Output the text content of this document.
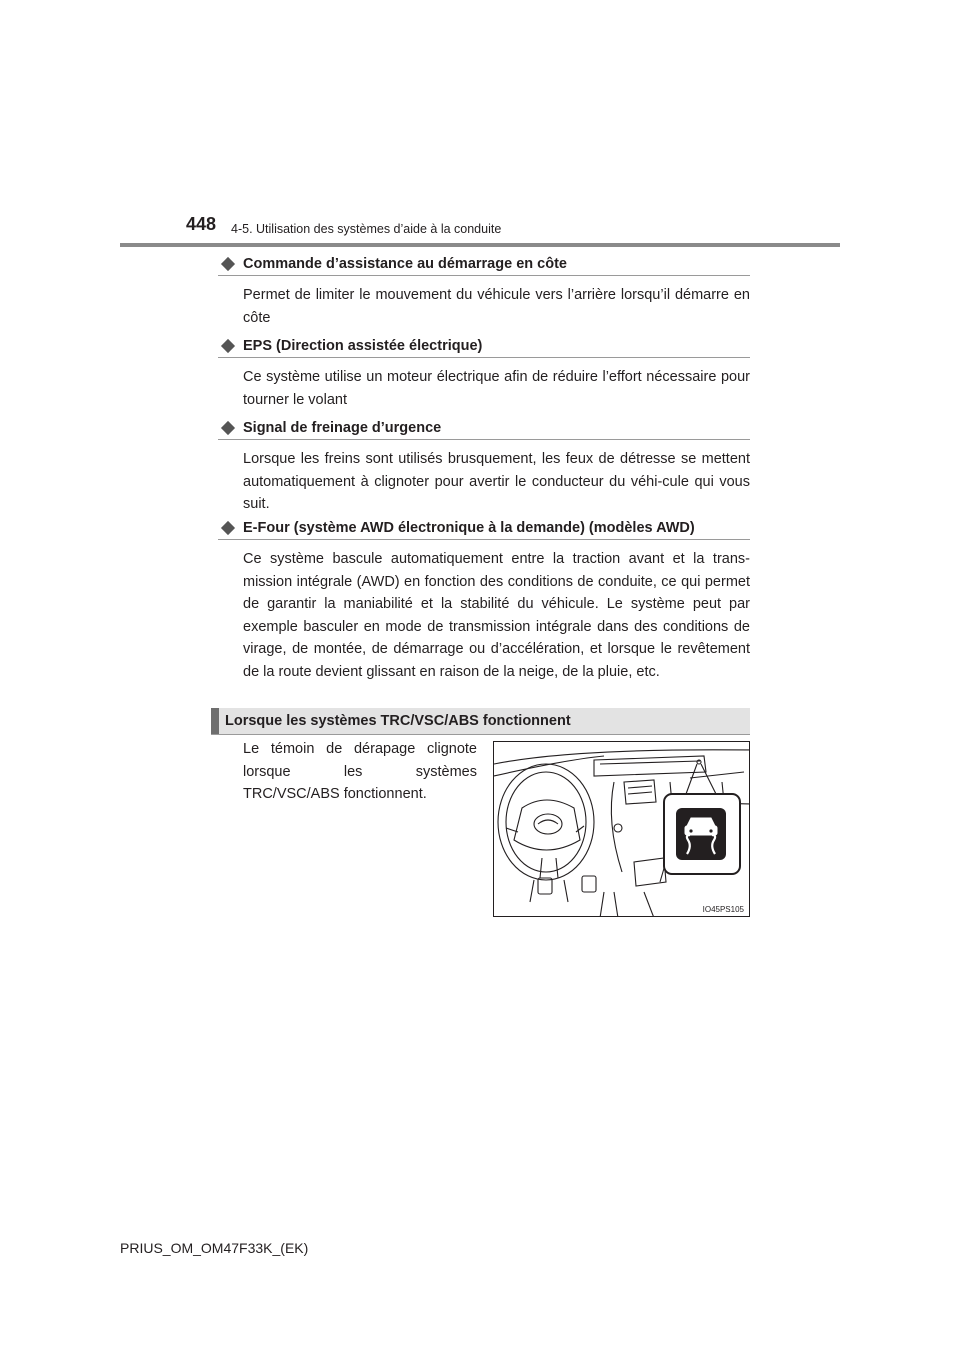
448 4-5. Utilisation des systèmes d’aide à la conduite
Commande d’assistance au démarrage en côte
Permet de limiter le mouvement du véhicule vers l’arrière lorsqu’il démarre en côte
EPS (Direction assistée électrique)
Ce système utilise un moteur électrique afin de réduire l’effort nécessaire pour tourner le volant
Signal de freinage d’urgence
Lorsque les freins sont utilisés brusquement, les feux de détresse se mettent automatiquement à clignoter pour avertir le conducteur du véhi-cule qui vous suit.
E-Four (système AWD électronique à la demande) (modèles AWD)
Ce système bascule automatiquement entre la traction avant et la trans-mission intégrale (AWD) en fonction des conditions de conduite, ce qui permet de garantir la maniabilité et la stabilité du véhicule. Le système peut par exemple basculer en mode de transmission intégrale dans des conditions de virage, de montée, de démarrage ou d’accélération, et lorsque le revêtement de la route devient glissant en raison de la neige, de la pluie, etc.
Lorsque les systèmes TRC/VSC/ABS fonctionnent
Le témoin de dérapage clignote lorsque les systèmes TRC/VSC/ABS fonctionnent.
IO45PS105
PRIUS_OM_OM47F33K_(EK)
